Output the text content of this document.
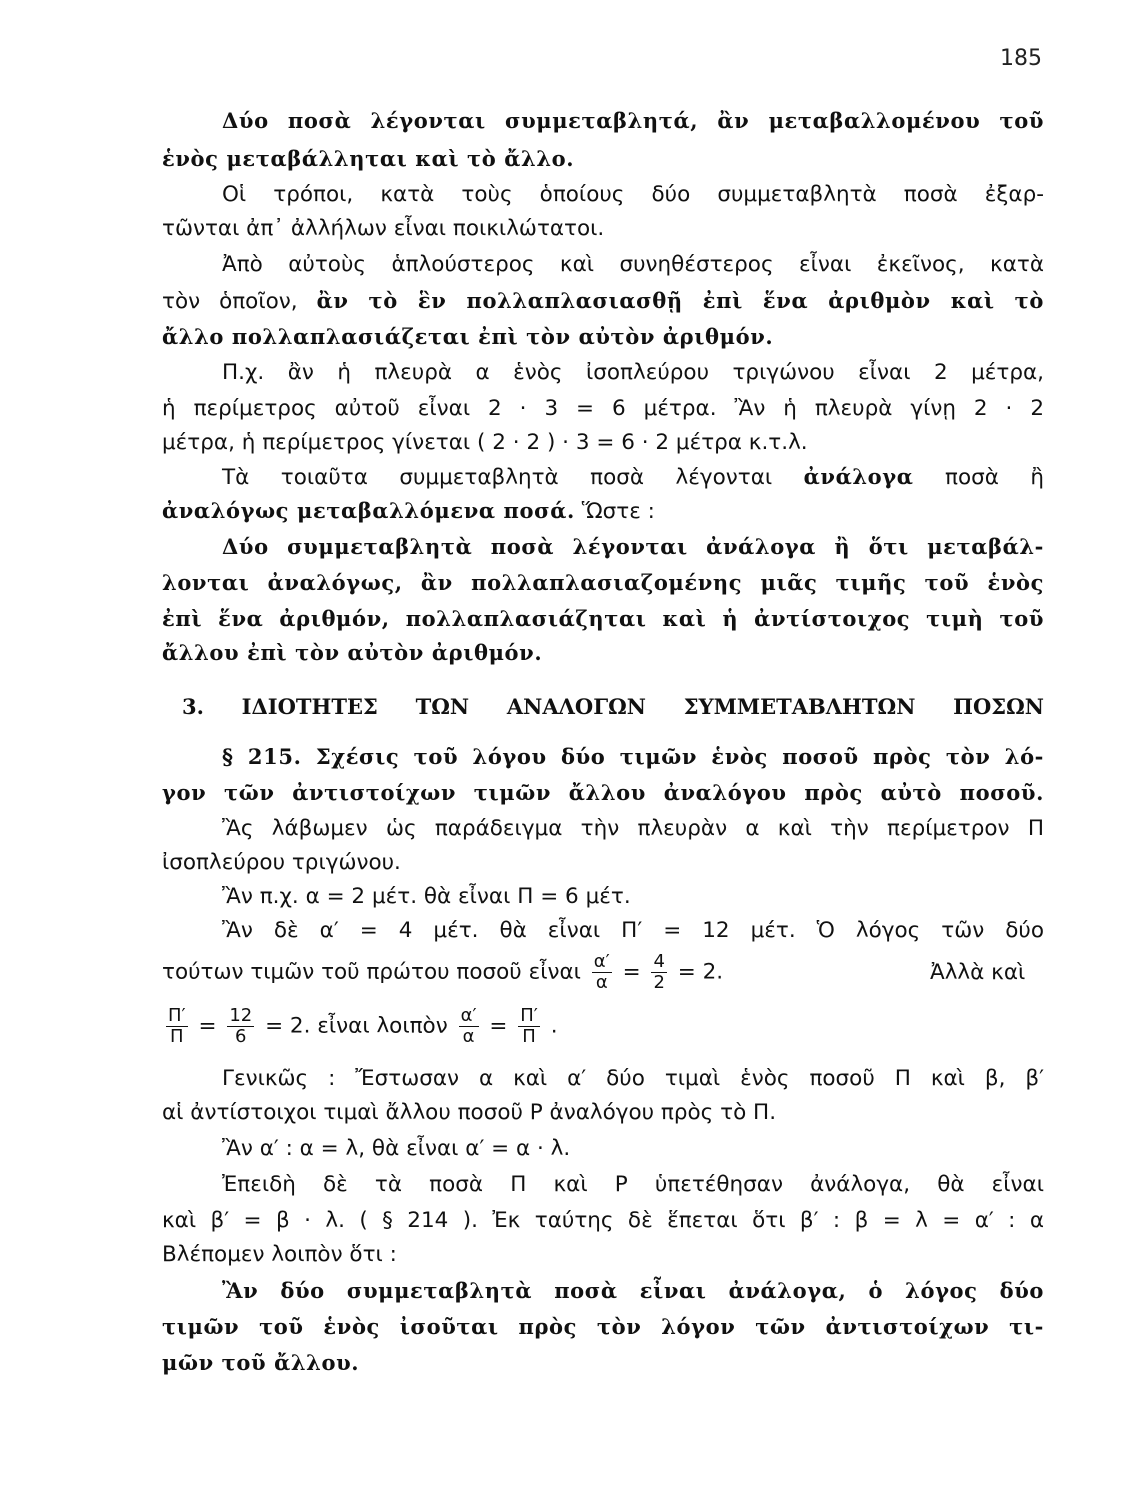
185
Δύο ποσὰ λέγονται συμμεταβλητά, ἂν μεταβαλλομένου τοῦ
ἑνὸς μεταβάλληται καὶ τὸ ἄλλο.
Οἱ τρόποι, κατὰ τοὺς ὁποίους δύο συμμεταβλητὰ ποσὰ ἐξαρ-
τῶνται ἀπ᾽ ἀλλήλων εἶναι ποικιλώτατοι.
Ἀπὸ αὐτοὺς ἁπλούστερος καὶ συνηθέστερος εἶναι ἐκεῖνος, κατὰ
τὸν ὁποῖον, ἂν τὸ ἓν πολλαπλασιασθῇ ἐπὶ ἕνα ἀριθμὸν καὶ τὸ
ἄλλο πολλαπλασιάζεται ἐπὶ τὸν αὐτὸν ἀριθμόν.
Π.χ. ἂν ἡ πλευρὰ α ἑνὸς ἰσοπλεύρου τριγώνου εἶναι 2 μέτρα,
ἡ περίμετρος αὐτοῦ εἶναι 2 · 3 = 6 μέτρα. Ἂν ἡ πλευρὰ γίνῃ 2 · 2
μέτρα, ἡ περίμετρος γίνεται ( 2 · 2 ) · 3 = 6 · 2 μέτρα κ.τ.λ.
Τὰ τοιαῦτα συμμεταβλητὰ ποσὰ λέγονται ἀνάλογα ποσὰ ἢ
ἀναλόγως μεταβαλλόμενα ποσά. Ὥστε :
Δύο συμμεταβλητὰ ποσὰ λέγονται ἀνάλογα ἢ ὅτι μεταβάλ-
λονται ἀναλόγως, ἂν πολλαπλασιαζομένης μιᾶς τιμῆς τοῦ ἑνὸς
ἐπὶ ἕνα ἀριθμόν, πολλαπλασιάζηται καὶ ἡ ἀντίστοιχος τιμὴ τοῦ
ἄλλου ἐπὶ τὸν αὐτὸν ἀριθμόν.
3. ΙΔΙΟΤΗΤΕΣ ΤΩΝ ΑΝΑΛΟΓΩΝ ΣΥΜΜΕΤΑΒΛΗΤΩΝ ΠΟΣΩΝ
§ 215. Σχέσις τοῦ λόγου δύο τιμῶν ἑνὸς ποσοῦ πρὸς τὸν λό-
γον τῶν ἀντιστοίχων τιμῶν ἄλλου ἀναλόγου πρὸς αὐτὸ ποσοῦ.
Ἂς λάβωμεν ὡς παράδειγμα τὴν πλευρὰν α καὶ τὴν περίμετρον Π
ἰσοπλεύρου τριγώνου.
Ἂν π.χ. α = 2 μέτ. θὰ εἶναι Π = 6 μέτ.
Ἂν δὲ α′ = 4 μέτ. θὰ εἶναι Π′ = 12 μέτ. Ὁ λόγος τῶν δύο
τούτων τιμῶν τοῦ πρώτου ποσοῦ εἶναι $\frac{\alpha'}{\alpha} = \frac{4}{2} = 2$.	Ἀλλὰ καὶ
$\frac{\Pi'}{\Pi} = \frac{12}{6} = 2$. εἶναι λοιπὸν $\frac{\alpha'}{\alpha} = \frac{\Pi'}{\Pi}$ .
Γενικῶς : Ἔστωσαν α καὶ α′ δύο τιμαὶ ἑνὸς ποσοῦ Π καὶ β, β′
αἱ ἀντίστοιχοι τιμαὶ ἄλλου ποσοῦ Ρ ἀναλόγου πρὸς τὸ Π.
Ἂν α′ : α = λ, θὰ εἶναι α′ = α · λ.
Ἐπειδὴ δὲ τὰ ποσὰ Π καὶ Ρ ὑπετέθησαν ἀνάλογα, θὰ εἶναι
καὶ β′ = β · λ. ( § 214 ). Ἐκ ταύτης δὲ ἕπεται ὅτι β′ : β = λ = α′ : α
Βλέπομεν λοιπὸν ὅτι :
Ἂν δύο συμμεταβλητὰ ποσὰ εἶναι ἀνάλογα, ὁ λόγος δύο
τιμῶν τοῦ ἑνὸς ἰσοῦται πρὸς τὸν λόγον τῶν ἀντιστοίχων τι-
μῶν τοῦ ἄλλου.
